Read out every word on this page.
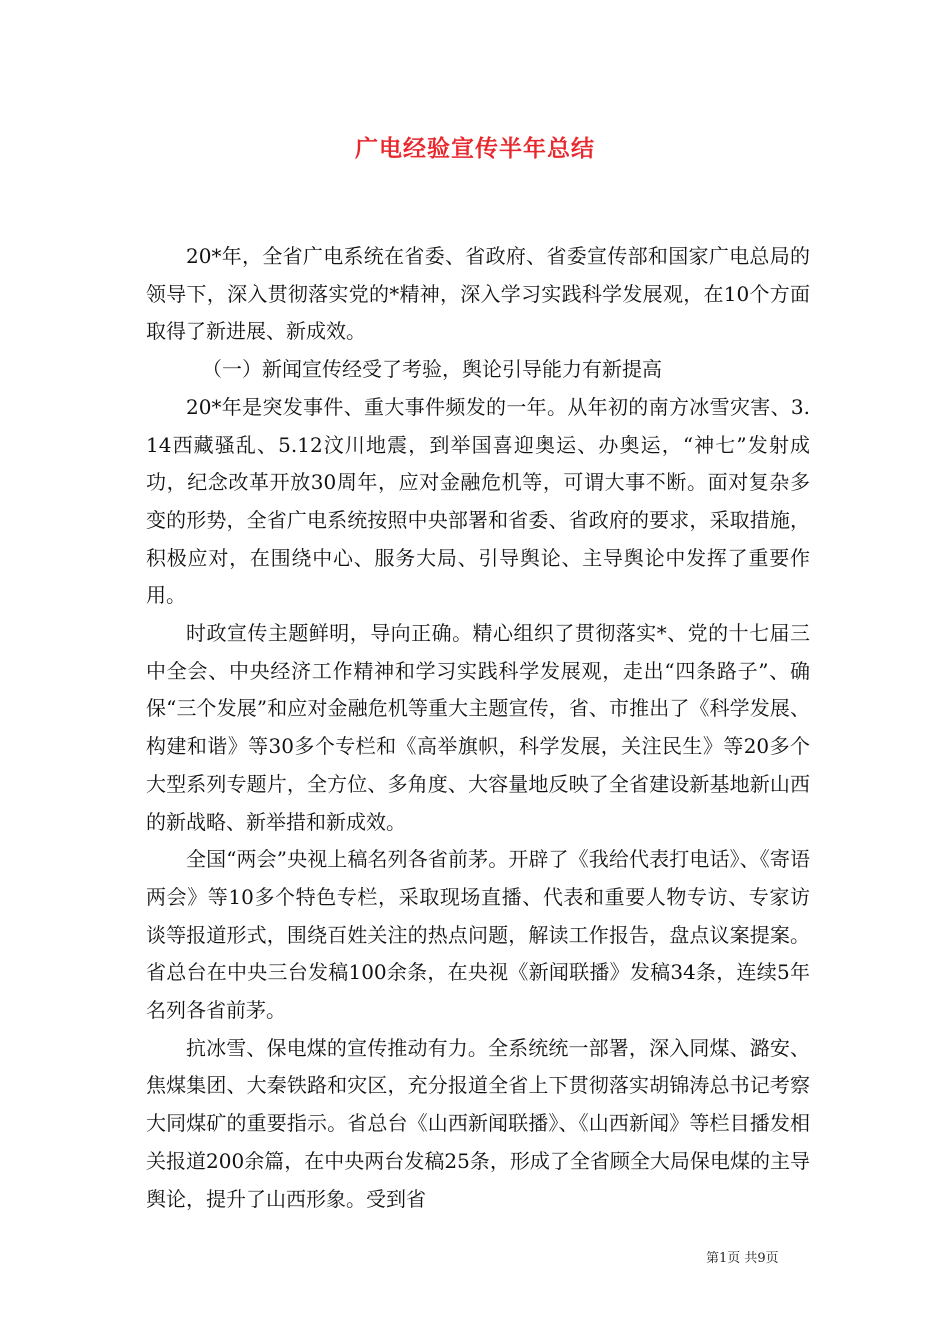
广电经验宣传半年总结

20*年，全省广电系统在省委、省政府、省委宣传部和国家广电总局的领导下，深入贯彻落实党的*精神，深入学习实践科学发展观，在10个方面取得了新进展、新成效。

（一）新闻宣传经受了考验，舆论引导能力有新提高

20*年是突发事件、重大事件频发的一年。从年初的南方冰雪灾害、3.14西藏骚乱、5.12汶川地震，到举国喜迎奥运、办奥运，“神七”发射成功，纪念改革开放30周年，应对金融危机等，可谓大事不断。面对复杂多变的形势，全省广电系统按照中央部署和省委、省政府的要求，采取措施，积极应对，在围绕中心、服务大局、引导舆论、主导舆论中发挥了重要作用。

时政宣传主题鲜明，导向正确。精心组织了贯彻落实*、党的十七届三中全会、中央经济工作精神和学习实践科学发展观，走出“四条路子”、确保“三个发展”和应对金融危机等重大主题宣传，省、市推出了《科学发展、构建和谐》等30多个专栏和《高举旗帜，科学发展，关注民生》等20多个大型系列专题片，全方位、多角度、大容量地反映了全省建设新基地新山西的新战略、新举措和新成效。

全国“两会”央视上稿名列各省前茅。开辟了《我给代表打电话》、《寄语两会》等10多个特色专栏，采取现场直播、代表和重要人物专访、专家访谈等报道形式，围绕百姓关注的热点问题，解读工作报告，盘点议案提案。省总台在中央三台发稿100余条，在央视《新闻联播》发稿34条，连续5年名列各省前茅。

抗冰雪、保电煤的宣传推动有力。全系统统一部署，深入同煤、潞安、焦煤集团、大秦铁路和灾区，充分报道全省上下贯彻落实胡锦涛总书记考察大同煤矿的重要指示。省总台《山西新闻联播》、《山西新闻》等栏目播发相关报道200余篇，在中央两台发稿25条，形成了全省顾全大局保电煤的主导舆论，提升了山西形象。受到省

第1页 共9页
